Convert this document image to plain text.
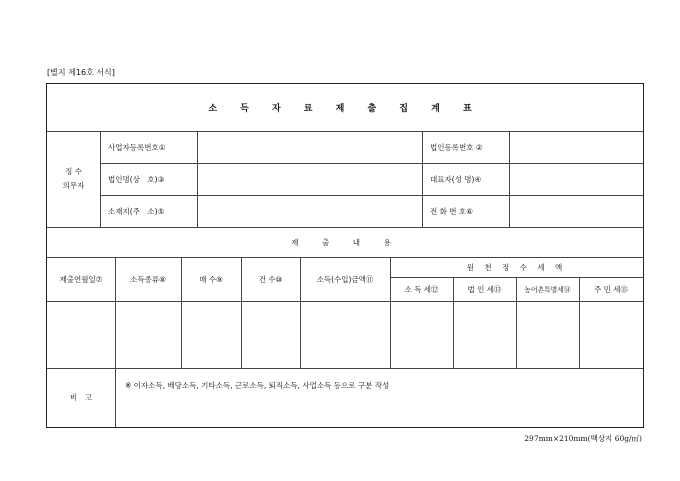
[별지 제16호 서식]
소 득 자 료 제 출 집 계 표
징 수
의무자
사업자등록번호①	법인등록번호 ②
법인명(상　호)③	대표자(성 명)④
소재지(주　소)⑤	전 화 번 호⑥
제　출　내　용
제출연월일⑦	소득종류⑧	매 수⑨	건 수⑩	소득(수입)금액⑪
원 천 징 수 세 액
소 득 세⑫	법 인 세⑬	농어촌특별세⑭	주 민 세⑮
비　고
※ 이자소득, 배당소득, 기타소득, 근로소득, 퇴직소득, 사업소득 등으로 구분 작성
297mm×210mm(백상지 60g/㎡)
